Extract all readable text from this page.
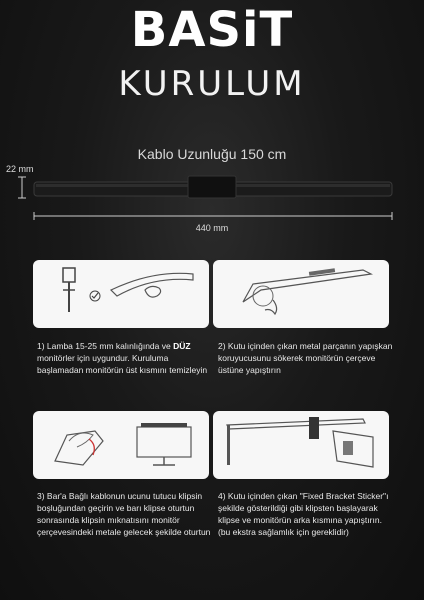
BASiT
KURULUM
Kablo Uzunluğu 150 cm
22 mm
440 mm
1) Lamba 15-25 mm kalınlığında ve DÜZ monitörler için uygundur. Kuruluma başlamadan monitörün üst kısmını temizleyin
2) Kutu içinden çıkan metal parçanın yapışkan koruyucusunu sökerek monitörün çerçeve üstüne yapıştırın
3) Bar'a Bağlı kablonun ucunu tutucu klipsin boşluğundan geçirin ve barı klipse oturtun sonrasında klipsin mıknatısını monitör çerçevesindeki metale gelecek şekilde oturtun
4) Kutu içinden çıkan "Fixed Bracket Sticker"ı şekilde gösterildiği gibi klipsten başlayarak klipse ve monitörün arka kısmına yapıştırın. (bu ekstra sağlamlık için gereklidir)
